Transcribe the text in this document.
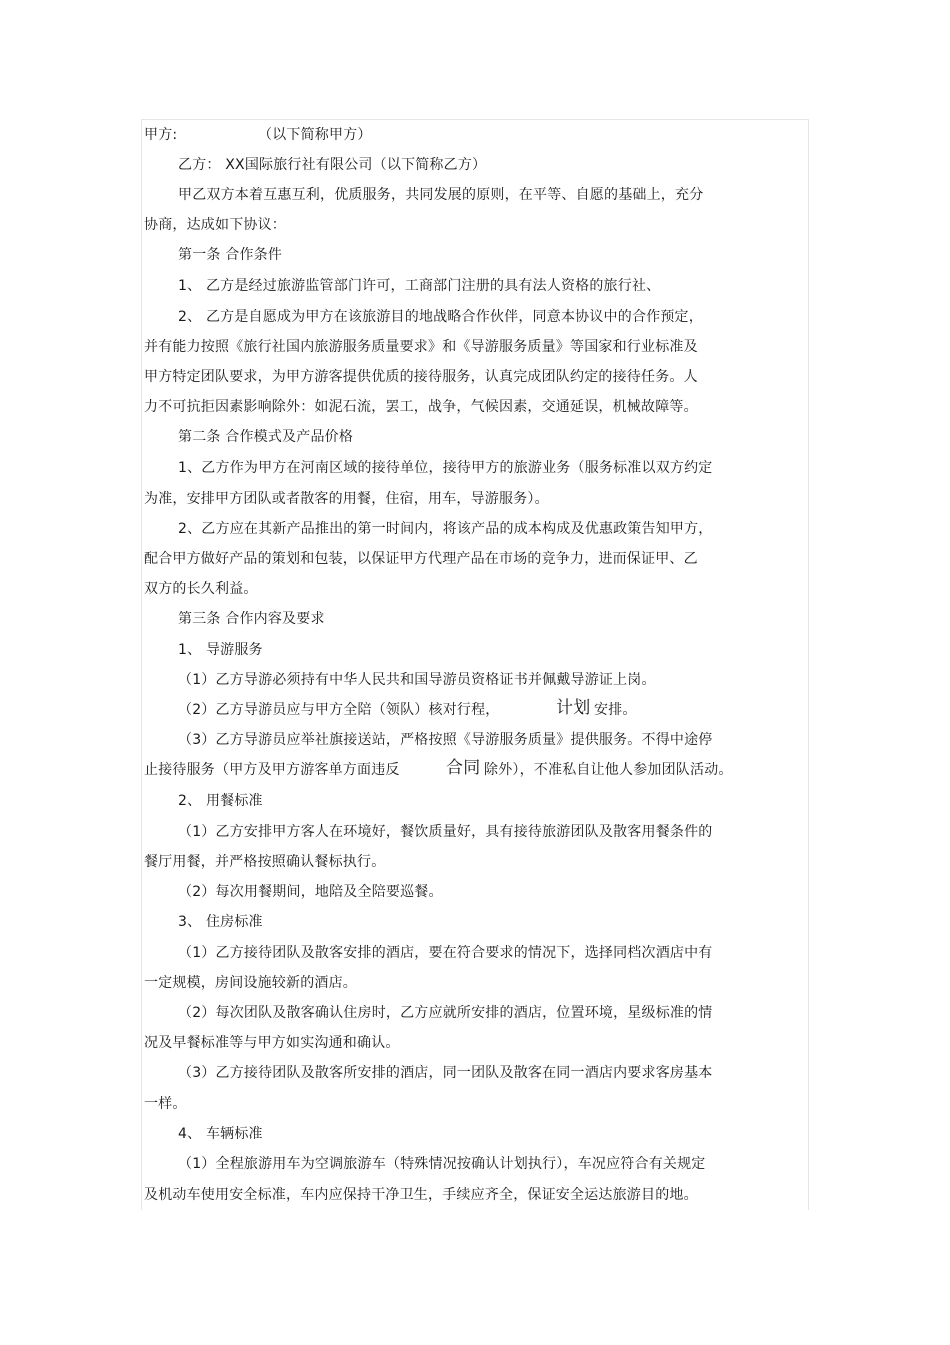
甲方:	（以下简称甲方）
乙方： XX国际旅行社有限公司（以下简称乙方）
甲乙双方本着互惠互利，优质服务，共同发展的原则，在平等、自愿的基础上，充分
协商，达成如下协议：
第一条 合作条件
1、 乙方是经过旅游监管部门许可，工商部门注册的具有法人资格的旅行社、
2、 乙方是自愿成为甲方在该旅游目的地战略合作伙伴，同意本协议中的合作预定，
并有能力按照《旅行社国内旅游服务质量要求》和《导游服务质量》等国家和行业标准及
甲方特定团队要求，为甲方游客提供优质的接待服务，认真完成团队约定的接待任务。人
力不可抗拒因素影响除外：如泥石流，罢工，战争，气候因素，交通延误，机械故障等。
第二条 合作模式及产品价格
1、乙方作为甲方在河南区域的接待单位，接待甲方的旅游业务（服务标准以双方约定
为准，安排甲方团队或者散客的用餐，住宿，用车，导游服务）。
2、乙方应在其新产品推出的第一时间内，将该产品的成本构成及优惠政策告知甲方，
配合甲方做好产品的策划和包装，以保证甲方代理产品在市场的竞争力，进而保证甲、乙
双方的长久利益。
第三条 合作内容及要求
1、 导游服务
（1）乙方导游必须持有中华人民共和国导游员资格证书并佩戴导游证上岗。
（2）乙方导游员应与甲方全陪（领队）核对行程，	计划 安排。
（3）乙方导游员应举社旗接送站，严格按照《导游服务质量》提供服务。不得中途停
止接待服务（甲方及甲方游客单方面违反	合同 除外），不准私自让他人参加团队活动。
2、 用餐标准
（1）乙方安排甲方客人在环境好，餐饮质量好，具有接待旅游团队及散客用餐条件的
餐厅用餐，并严格按照确认餐标执行。
（2）每次用餐期间，地陪及全陪要巡餐。
3、 住房标准
（1）乙方接待团队及散客安排的酒店，要在符合要求的情况下，选择同档次酒店中有
一定规模，房间设施较新的酒店。
（2）每次团队及散客确认住房时，乙方应就所安排的酒店，位置环境，星级标准的情
况及早餐标准等与甲方如实沟通和确认。
（3）乙方接待团队及散客所安排的酒店，同一团队及散客在同一酒店内要求客房基本
一样。
4、 车辆标准
（1）全程旅游用车为空调旅游车（特殊情况按确认计划执行），车况应符合有关规定
及机动车使用安全标准，车内应保持干净卫生，手续应齐全，保证安全运达旅游目的地。
